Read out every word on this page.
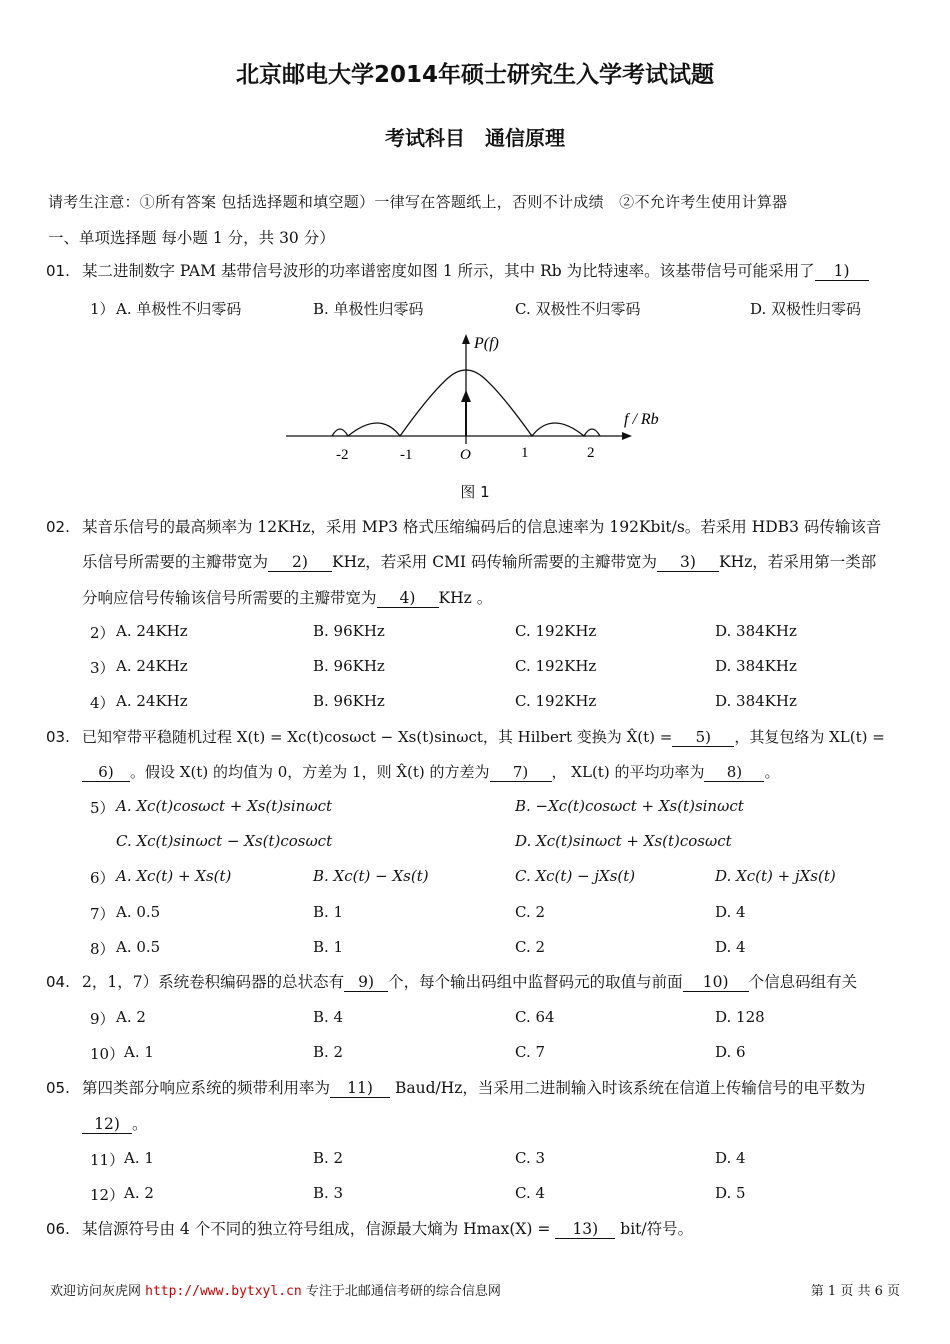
北京邮电大学2014年硕士研究生入学考试试题
考试科目　通信原理
请考生注意：①所有答案 包括选择题和填空题）一律写在答题纸上，否则不计成绩　②不允许考生使用计算器
一、单项选择题 每小题 1 分，共 30 分）
01. 某二进制数字 PAM 基带信号波形的功率谱密度如图 1 所示，其中 Rb 为比特速率。该基带信号可能采用了 1)
1） A. 单极性不归零码	B. 单极性归零码	C. 双极性不归零码	D. 双极性归零码
P(f)
f / Rb
-2	-1	O	1	2
图 1
02. 某音乐信号的最高频率为 12KHz，采用 MP3 格式压缩编码后的信息速率为 192Kbit/s。若采用 HDB3 码传输该音
乐信号所需要的主瓣带宽为 2) KHz，若采用 CMI 码传输所需要的主瓣带宽为 3) KHz，若采用第一类部
分响应信号传输该信号所需要的主瓣带宽为 4) KHz 。
2） A. 24KHz	B. 96KHz	C. 192KHz	D. 384KHz
3） A. 24KHz	B. 96KHz	C. 192KHz	D. 384KHz
4） A. 24KHz	B. 96KHz	C. 192KHz	D. 384KHz
03. 已知窄带平稳随机过程 X(t) = Xc(t)cosωct − Xs(t)sinωct，其 Hilbert 变换为 X̂(t) = 5) ，其复包络为 XL(t) =
6) 。假设 X(t) 的均值为 0，方差为 1，则 X̂(t) 的方差为 7) ， XL(t) 的平均功率为 8) 。
5） A. Xc(t)cosωct + Xs(t)sinωct	B. −Xc(t)cosωct + Xs(t)sinωct
C. Xc(t)sinωct − Xs(t)cosωct	D. Xc(t)sinωct + Xs(t)cosωct
6） A. Xc(t) + Xs(t)	B. Xc(t) − Xs(t)	C. Xc(t) − jXs(t)	D. Xc(t) + jXs(t)
7） A. 0.5	B. 1	C. 2	D. 4
8） A. 0.5	B. 1	C. 2	D. 4
04. 2，1，7）系统卷积编码器的总状态有 9) 个，每个输出码组中监督码元的取值与前面 10) 个信息码组有关
9） A. 2	B. 4	C. 64	D. 128
10） A. 1	B. 2	C. 7	D. 6
05. 第四类部分响应系统的频带利用率为 11) Baud/Hz，当采用二进制输入时该系统在信道上传输信号的电平数为
12) 。
11） A. 1	B. 2	C. 3	D. 4
12） A. 2	B. 3	C. 4	D. 5
06. 某信源符号由 4 个不同的独立符号组成，信源最大熵为 Hmax(X) = 13) bit/符号。
欢迎访问灰虎网 http://www.bytxyl.cn 专注于北邮通信考研的综合信息网	第 1 页 共 6 页
